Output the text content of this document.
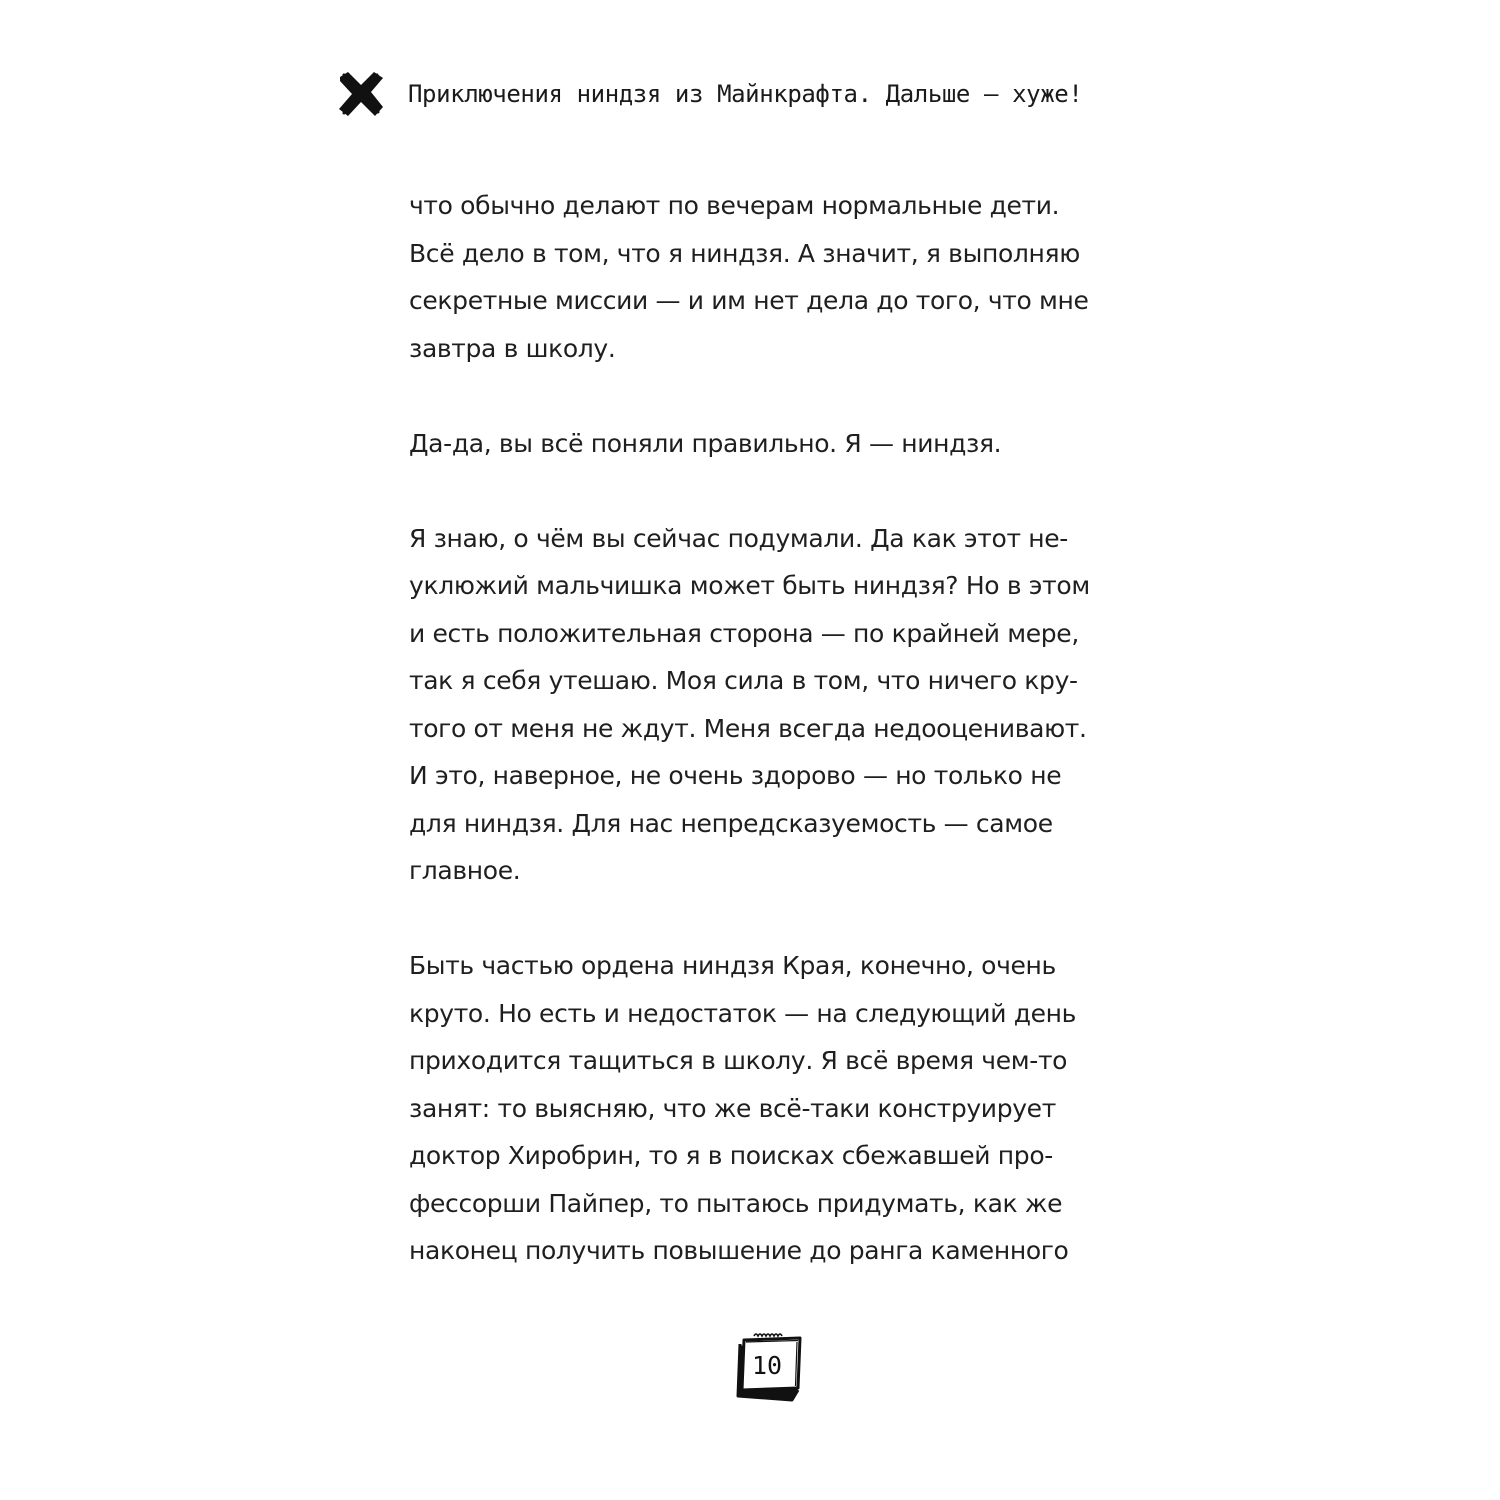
Приключения ниндзя из Майнкрафта. Дальше — хуже!

что обычно делают по вечерам нормальные дети.
Всё дело в том, что я ниндзя. А значит, я выполняю
секретные миссии — и им нет дела до того, что мне
завтра в школу.

Да-да, вы всё поняли правильно. Я — ниндзя.

Я знаю, о чём вы сейчас подумали. Да как этот не-
уклюжий мальчишка может быть ниндзя? Но в этом
и есть положительная сторона — по крайней мере,
так я себя утешаю. Моя сила в том, что ничего кру-
того от меня не ждут. Меня всегда недооценивают.
И это, наверное, не очень здорово — но только не
для ниндзя. Для нас непредсказуемость — самое
главное.

Быть частью ордена ниндзя Края, конечно, очень
круто. Но есть и недостаток — на следующий день
приходится тащиться в школу. Я всё время чем-то
занят: то выясняю, что же всё-таки конструирует
доктор Хиробрин, то я в поисках сбежавшей про-
фессорши Пайпер, то пытаюсь придумать, как же
наконец получить повышение до ранга каменного

10
